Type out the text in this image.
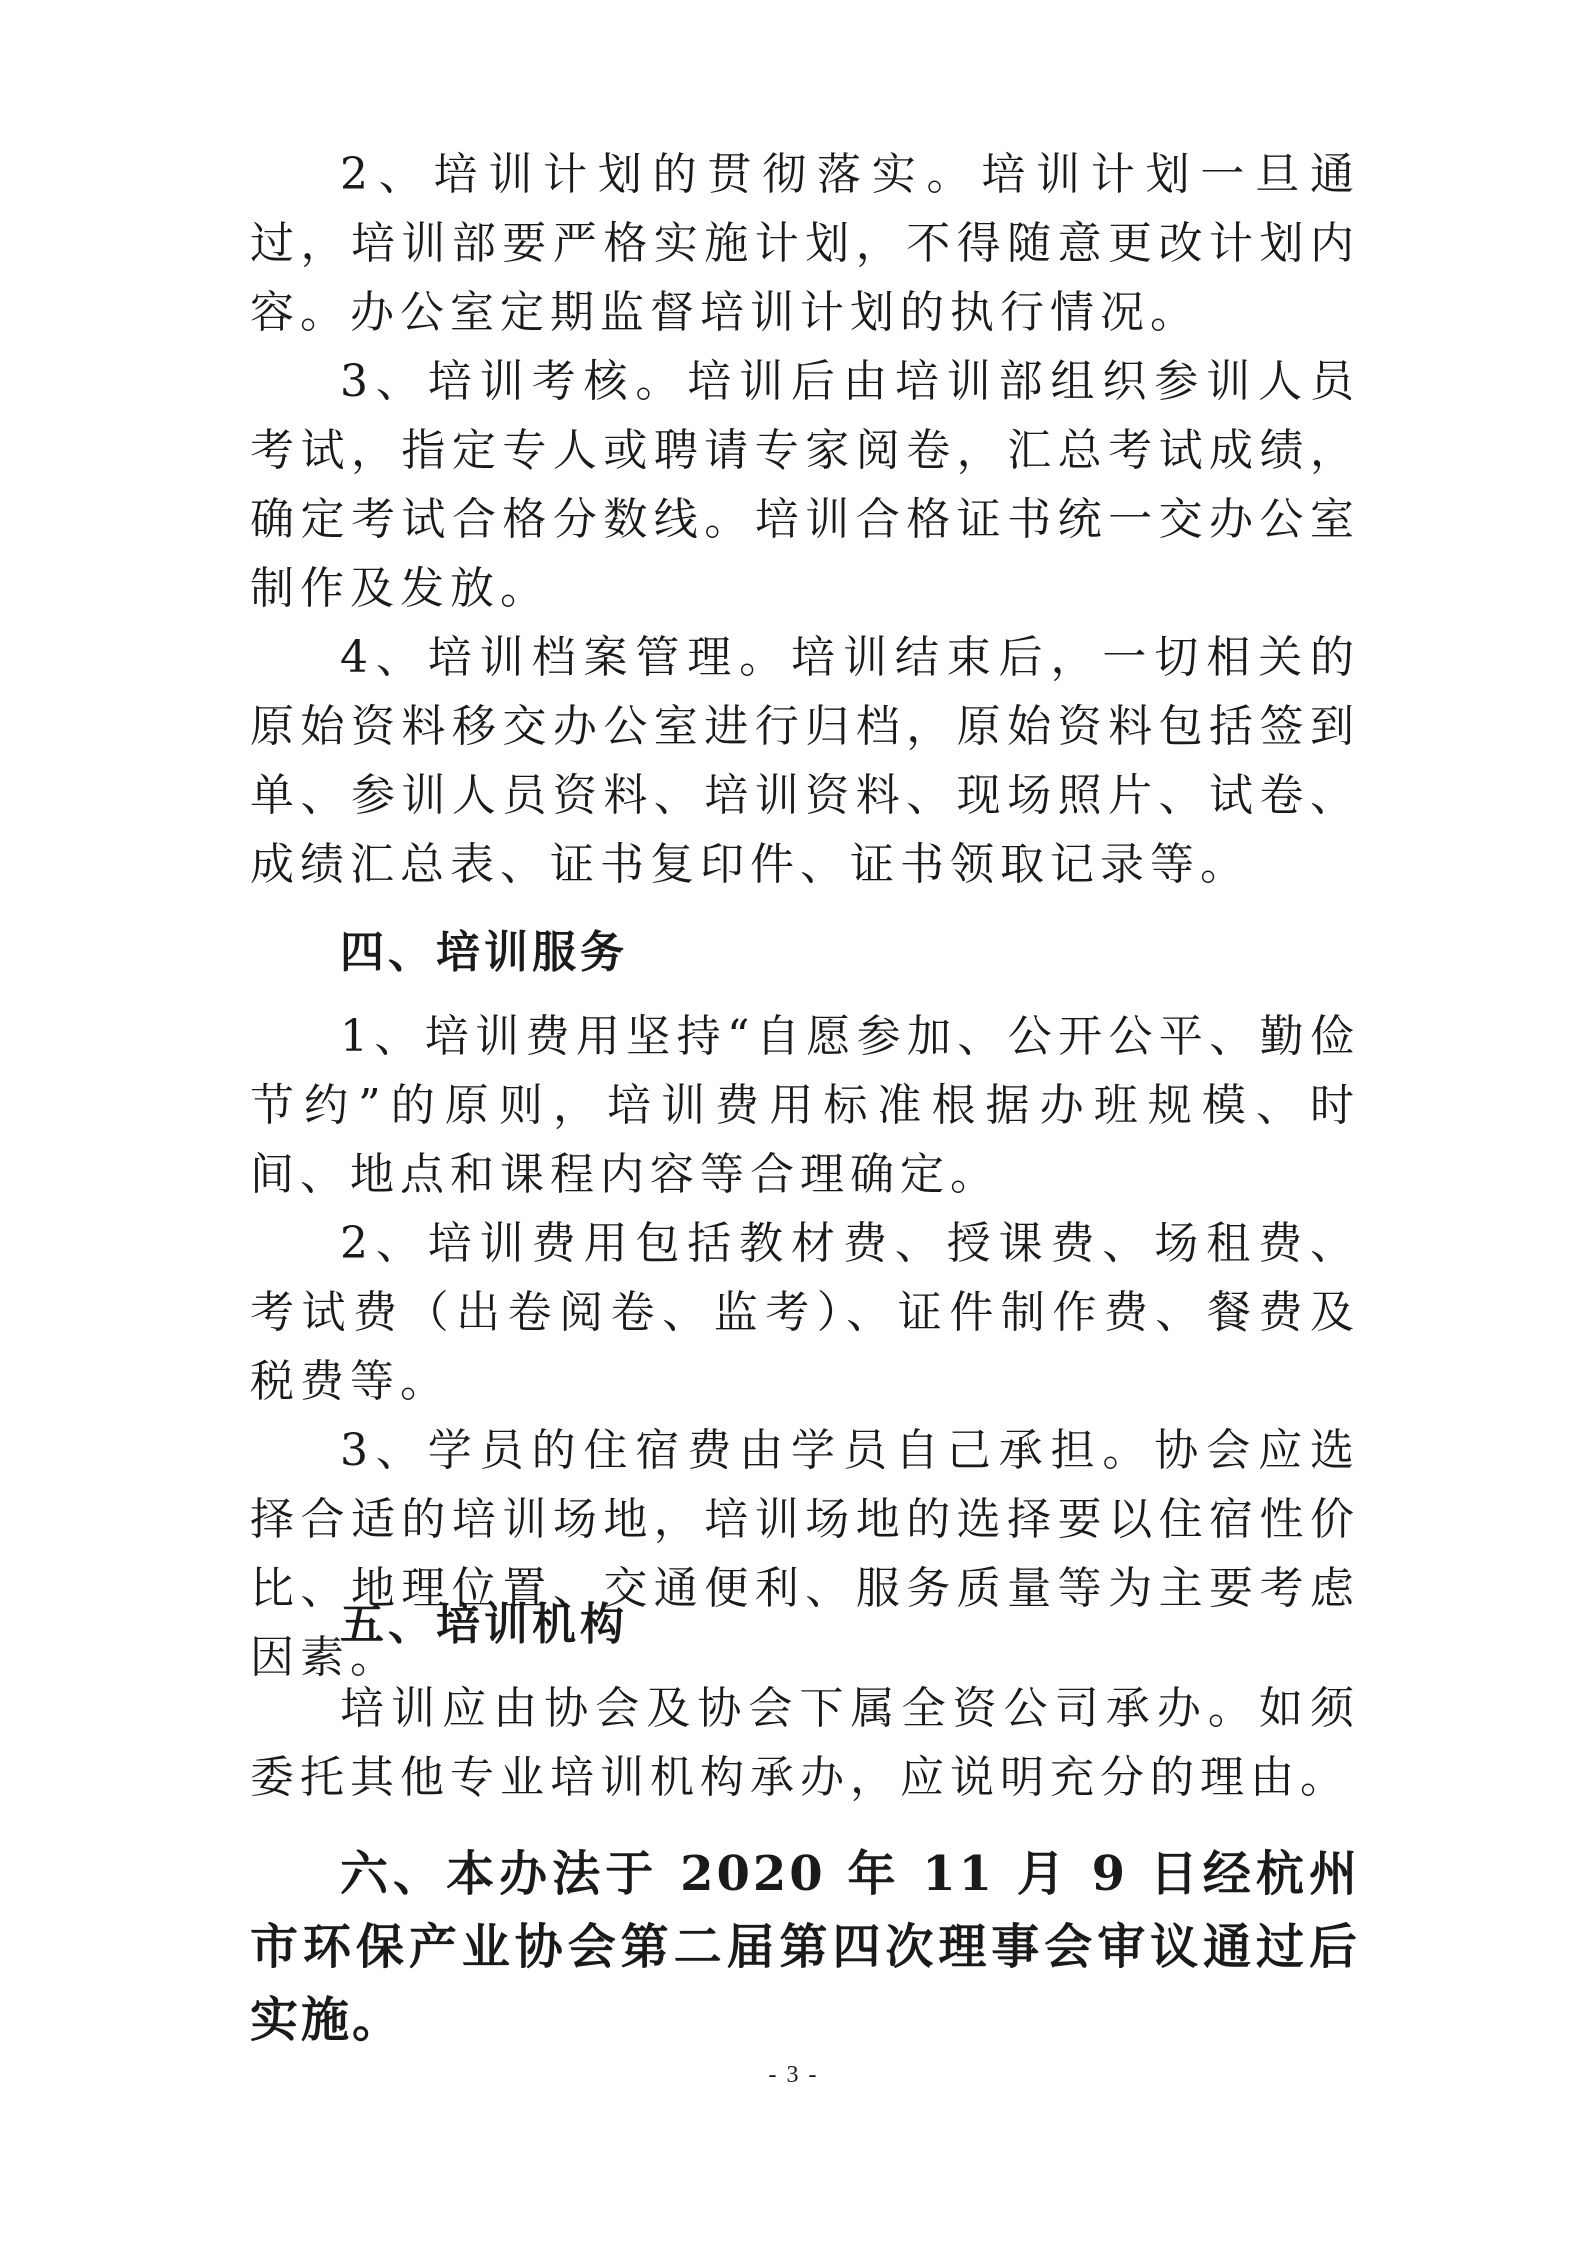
2、培训计划的贯彻落实。培训计划一旦通过，培训部要严格实施计划，不得随意更改计划内容。办公室定期监督培训计划的执行情况。

3、培训考核。培训后由培训部组织参训人员考试，指定专人或聘请专家阅卷，汇总考试成绩，确定考试合格分数线。培训合格证书统一交办公室制作及发放。

4、培训档案管理。培训结束后，一切相关的原始资料移交办公室进行归档，原始资料包括签到单、参训人员资料、培训资料、现场照片、试卷、成绩汇总表、证书复印件、证书领取记录等。

四、培训服务

1、培训费用坚持“自愿参加、公开公平、勤俭节约”的原则，培训费用标准根据办班规模、时间、地点和课程内容等合理确定。

2、培训费用包括教材费、授课费、场租费、考试费（出卷阅卷、监考）、证件制作费、餐费及税费等。

3、学员的住宿费由学员自己承担。协会应选择合适的培训场地，培训场地的选择要以住宿性价比、地理位置、交通便利、服务质量等为主要考虑因素。

五、培训机构

培训应由协会及协会下属全资公司承办。如须委托其他专业培训机构承办，应说明充分的理由。

六、本办法于 2020 年 11 月 9 日经杭州市环保产业协会第二届第四次理事会审议通过后实施。

- 3 -
